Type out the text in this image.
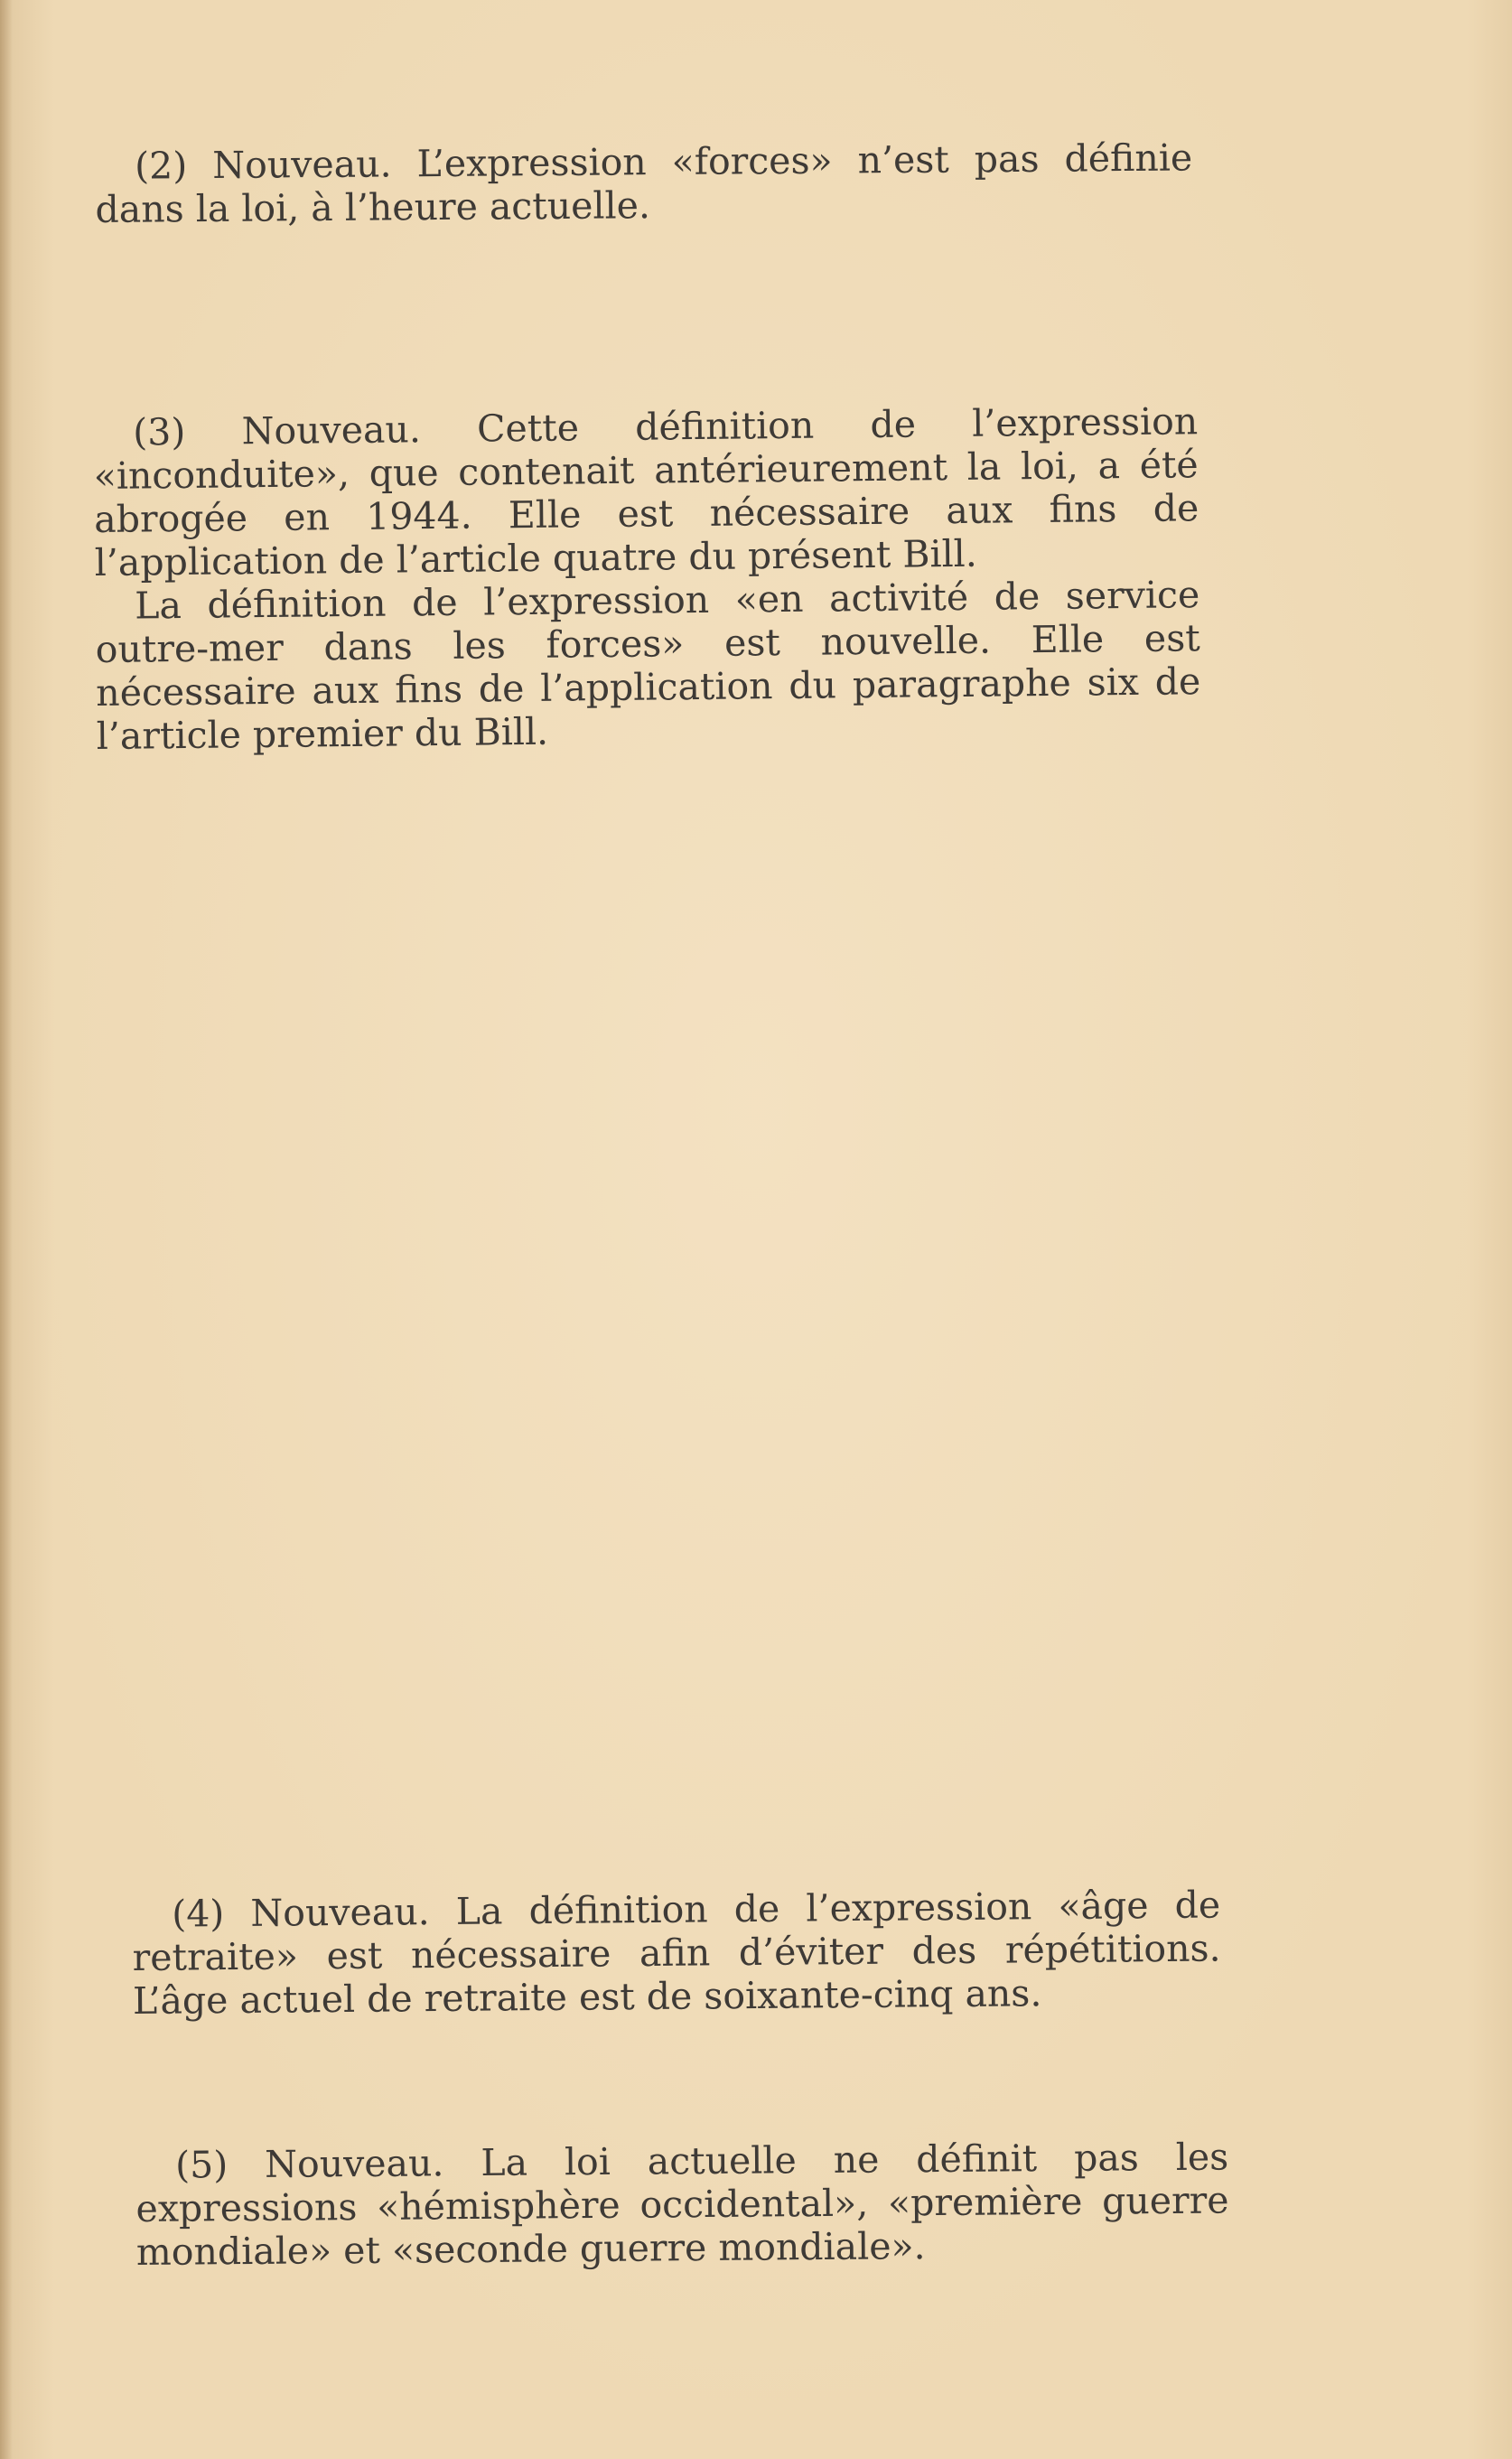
(2) Nouveau. L’expression «forces» n’est pas définie dans la loi, à l’heure actuelle.

(3) Nouveau. Cette définition de l’expression «inconduite», que contenait antérieurement la loi, a été abrogée en 1944. Elle est nécessaire aux fins de l’application de l’article quatre du présent Bill.

La définition de l’expression «en activité de service outre-mer dans les forces» est nouvelle. Elle est nécessaire aux fins de l’application du paragraphe six de l’article premier du Bill.

(4) Nouveau. La définition de l’expression «âge de retraite» est nécessaire afin d’éviter des répétitions. L’âge actuel de retraite est de soixante-cinq ans.

(5) Nouveau. La loi actuelle ne définit pas les expressions «hémisphère occidental», «première guerre mondiale» et «seconde guerre mondiale».
